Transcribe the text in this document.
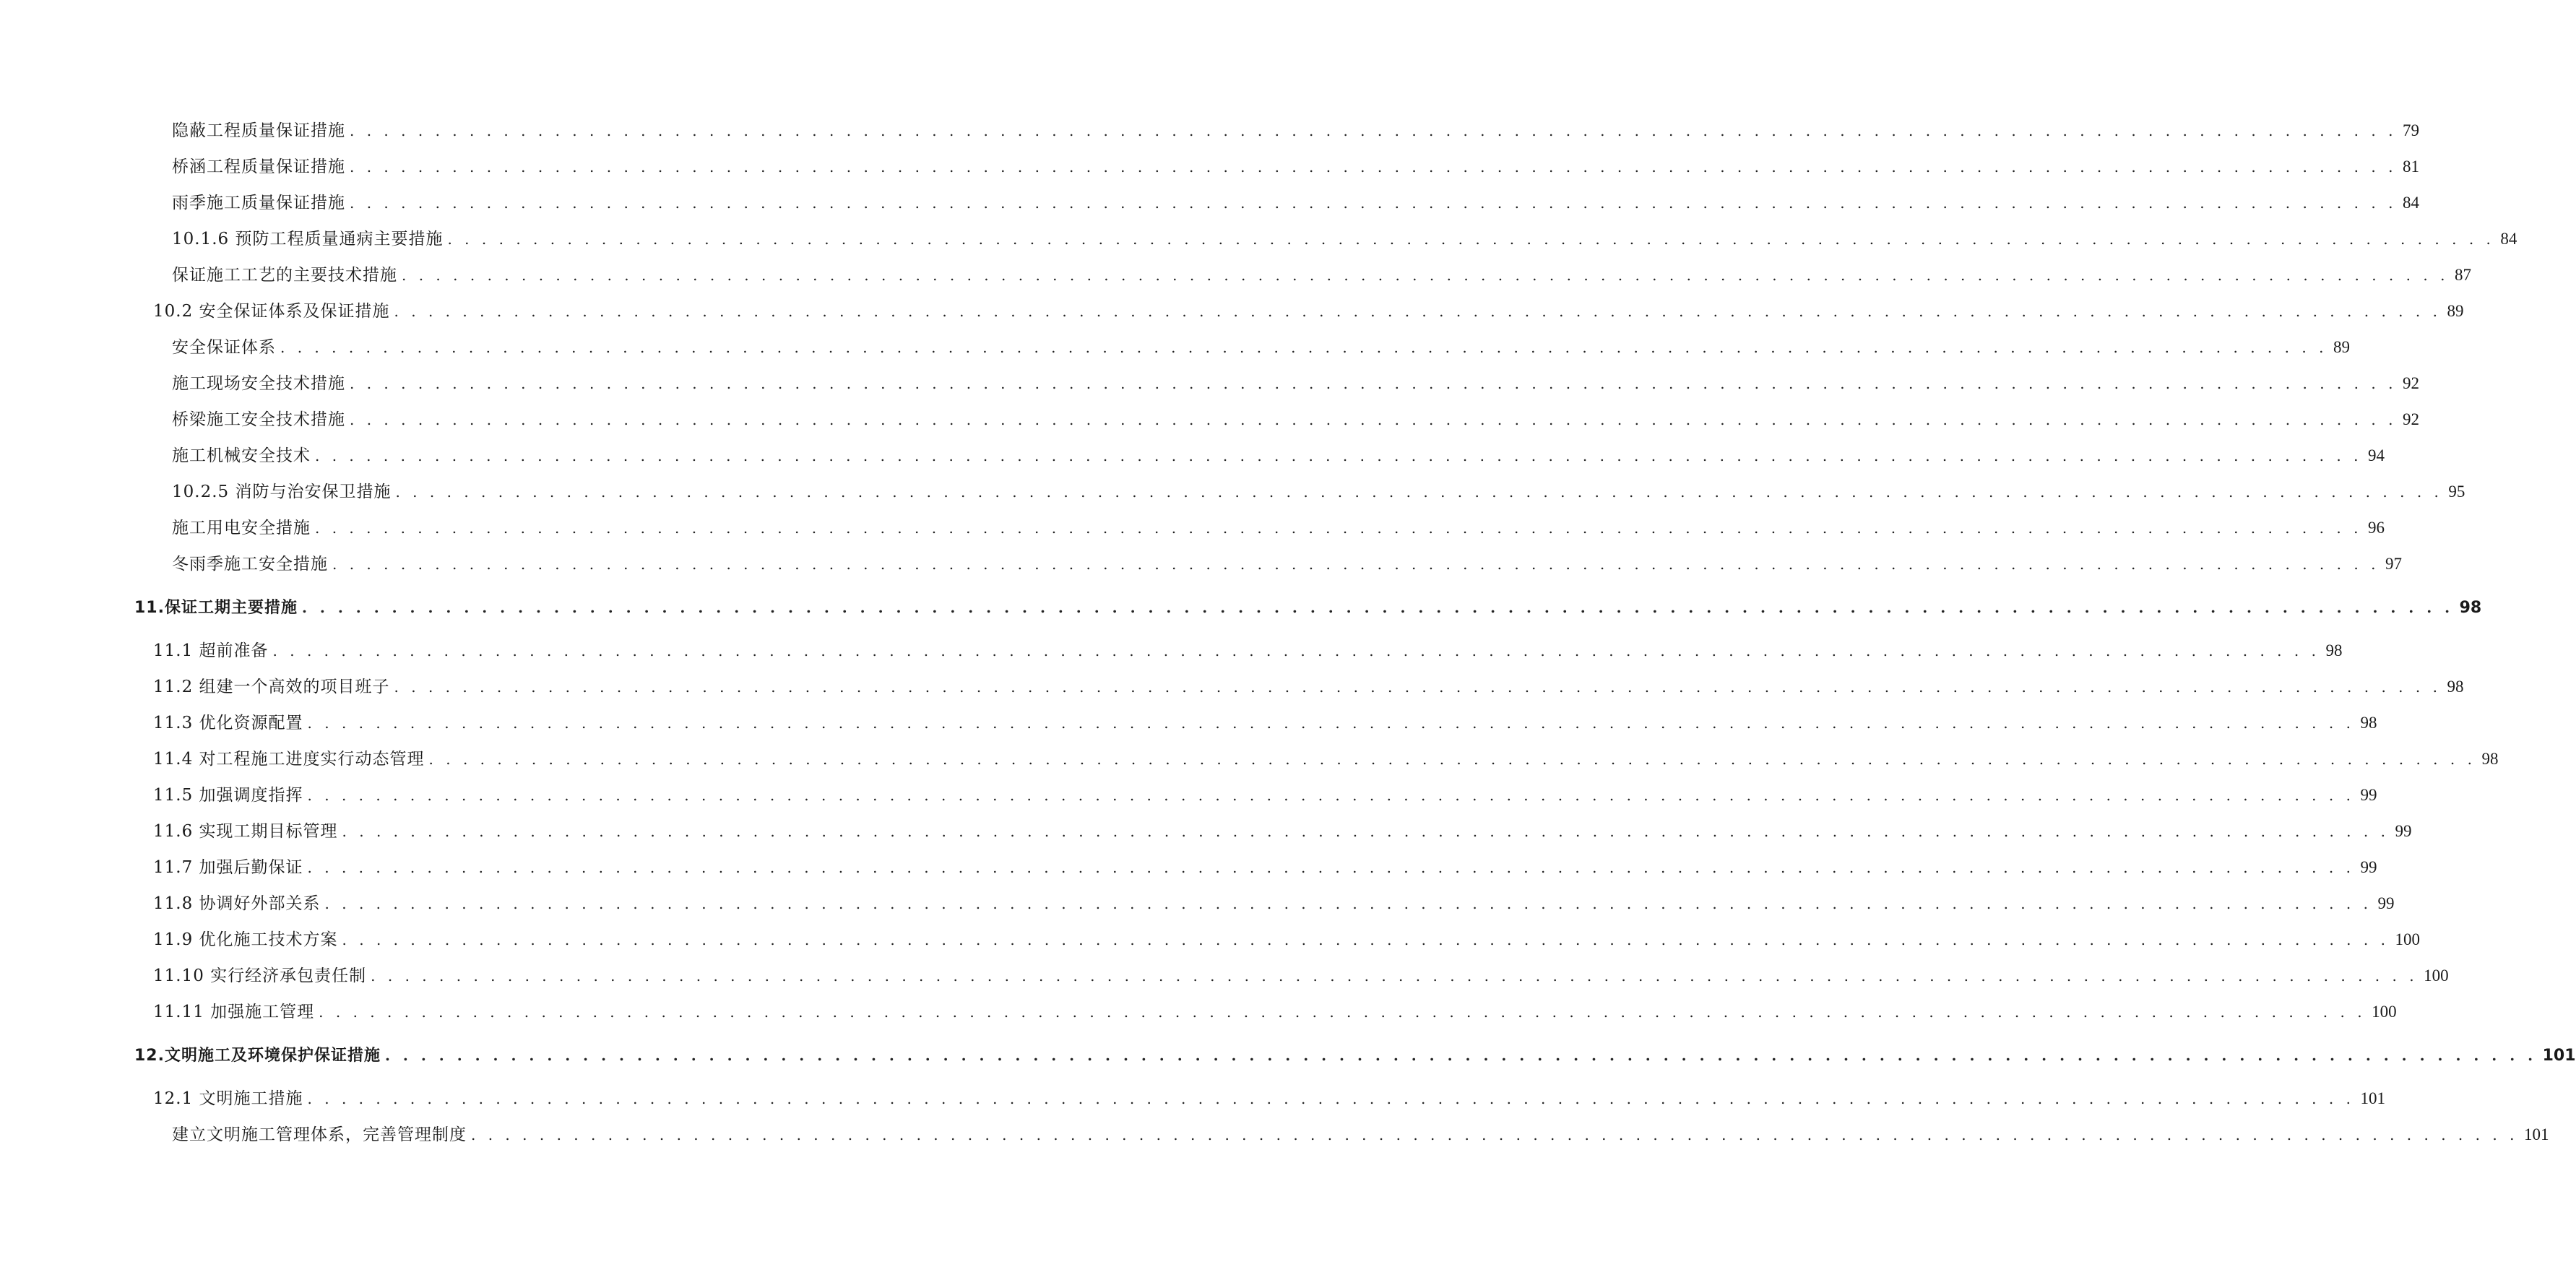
隐蔽工程质量保证措施 . . . . . . . . . . . . . . . . . . . . . . . . . . . . . . . . . . . . . . . . . . . . . . . . . . . . . . . . . . . . . . . . . . . . . . . . . . . . . . . . . . . . . . . . . . . . . . . . . . . . . . . . . . . . . . . . . . . . . . . . 79
桥涵工程质量保证措施 . . . . . . . . . . . . . . . . . . . . . . . . . . . . . . . . . . . . . . . . . . . . . . . . . . . . . . . . . . . . . . . . . . . . . . . . . . . . . . . . . . . . . . . . . . . . . . . . . . . . . . . . . . . . . . . . . . . . . . . . 81
雨季施工质量保证措施 . . . . . . . . . . . . . . . . . . . . . . . . . . . . . . . . . . . . . . . . . . . . . . . . . . . . . . . . . . . . . . . . . . . . . . . . . . . . . . . . . . . . . . . . . . . . . . . . . . . . . . . . . . . . . . . . . . . . . . . . 84
10.1.6 预防工程质量通病主要措施 . . . . . . . . . . . . . . . . . . . . . . . . . . . . . . . . . . . . . . . . . . . . . . . . . . . . . . . . . . . . . . . . . . . . . . . . . . . . . . . . . . . . . . . . . . . . . . . . . . . . . . . . . . . . . . . . . . . . . . . . 84
保证施工工艺的主要技术措施 . . . . . . . . . . . . . . . . . . . . . . . . . . . . . . . . . . . . . . . . . . . . . . . . . . . . . . . . . . . . . . . . . . . . . . . . . . . . . . . . . . . . . . . . . . . . . . . . . . . . . . . . . . . . . . . . . . . . . . . . 87
10.2 安全保证体系及保证措施 . . . . . . . . . . . . . . . . . . . . . . . . . . . . . . . . . . . . . . . . . . . . . . . . . . . . . . . . . . . . . . . . . . . . . . . . . . . . . . . . . . . . . . . . . . . . . . . . . . . . . . . . . . . . . . . . . . . . . . . . 89
安全保证体系 . . . . . . . . . . . . . . . . . . . . . . . . . . . . . . . . . . . . . . . . . . . . . . . . . . . . . . . . . . . . . . . . . . . . . . . . . . . . . . . . . . . . . . . . . . . . . . . . . . . . . . . . . . . . . . . . . . . . . . . . 89
施工现场安全技术措施 . . . . . . . . . . . . . . . . . . . . . . . . . . . . . . . . . . . . . . . . . . . . . . . . . . . . . . . . . . . . . . . . . . . . . . . . . . . . . . . . . . . . . . . . . . . . . . . . . . . . . . . . . . . . . . . . . . . . . . . . 92
桥梁施工安全技术措施 . . . . . . . . . . . . . . . . . . . . . . . . . . . . . . . . . . . . . . . . . . . . . . . . . . . . . . . . . . . . . . . . . . . . . . . . . . . . . . . . . . . . . . . . . . . . . . . . . . . . . . . . . . . . . . . . . . . . . . . . 92
施工机械安全技术 . . . . . . . . . . . . . . . . . . . . . . . . . . . . . . . . . . . . . . . . . . . . . . . . . . . . . . . . . . . . . . . . . . . . . . . . . . . . . . . . . . . . . . . . . . . . . . . . . . . . . . . . . . . . . . . . . . . . . . . . 94
10.2.5 消防与治安保卫措施 . . . . . . . . . . . . . . . . . . . . . . . . . . . . . . . . . . . . . . . . . . . . . . . . . . . . . . . . . . . . . . . . . . . . . . . . . . . . . . . . . . . . . . . . . . . . . . . . . . . . . . . . . . . . . . . . . . . . . . . . 95
施工用电安全措施 . . . . . . . . . . . . . . . . . . . . . . . . . . . . . . . . . . . . . . . . . . . . . . . . . . . . . . . . . . . . . . . . . . . . . . . . . . . . . . . . . . . . . . . . . . . . . . . . . . . . . . . . . . . . . . . . . . . . . . . . 96
冬雨季施工安全措施 . . . . . . . . . . . . . . . . . . . . . . . . . . . . . . . . . . . . . . . . . . . . . . . . . . . . . . . . . . . . . . . . . . . . . . . . . . . . . . . . . . . . . . . . . . . . . . . . . . . . . . . . . . . . . . . . . . . . . . . . 97
11.保证工期主要措施 . . . . . . . . . . . . . . . . . . . . . . . . . . . . . . . . . . . . . . . . . . . . . . . . . . . . . . . . . . . . . . . . . . . . . . . . . . . . . . . . . . . . . . . . . . . . . . . . . . . . . . . . . . . . . . . . . . . . . . . . 98
11.1 超前准备 . . . . . . . . . . . . . . . . . . . . . . . . . . . . . . . . . . . . . . . . . . . . . . . . . . . . . . . . . . . . . . . . . . . . . . . . . . . . . . . . . . . . . . . . . . . . . . . . . . . . . . . . . . . . . . . . . . . . . . . . 98
11.2 组建一个高效的项目班子 . . . . . . . . . . . . . . . . . . . . . . . . . . . . . . . . . . . . . . . . . . . . . . . . . . . . . . . . . . . . . . . . . . . . . . . . . . . . . . . . . . . . . . . . . . . . . . . . . . . . . . . . . . . . . . . . . . . . . . . . 98
11.3 优化资源配置 . . . . . . . . . . . . . . . . . . . . . . . . . . . . . . . . . . . . . . . . . . . . . . . . . . . . . . . . . . . . . . . . . . . . . . . . . . . . . . . . . . . . . . . . . . . . . . . . . . . . . . . . . . . . . . . . . . . . . . . . 98
11.4 对工程施工进度实行动态管理 . . . . . . . . . . . . . . . . . . . . . . . . . . . . . . . . . . . . . . . . . . . . . . . . . . . . . . . . . . . . . . . . . . . . . . . . . . . . . . . . . . . . . . . . . . . . . . . . . . . . . . . . . . . . . . . . . . . . . . . . 98
11.5 加强调度指挥 . . . . . . . . . . . . . . . . . . . . . . . . . . . . . . . . . . . . . . . . . . . . . . . . . . . . . . . . . . . . . . . . . . . . . . . . . . . . . . . . . . . . . . . . . . . . . . . . . . . . . . . . . . . . . . . . . . . . . . . . 99
11.6 实现工期目标管理 . . . . . . . . . . . . . . . . . . . . . . . . . . . . . . . . . . . . . . . . . . . . . . . . . . . . . . . . . . . . . . . . . . . . . . . . . . . . . . . . . . . . . . . . . . . . . . . . . . . . . . . . . . . . . . . . . . . . . . . . 99
11.7 加强后勤保证 . . . . . . . . . . . . . . . . . . . . . . . . . . . . . . . . . . . . . . . . . . . . . . . . . . . . . . . . . . . . . . . . . . . . . . . . . . . . . . . . . . . . . . . . . . . . . . . . . . . . . . . . . . . . . . . . . . . . . . . . 99
11.8 协调好外部关系 . . . . . . . . . . . . . . . . . . . . . . . . . . . . . . . . . . . . . . . . . . . . . . . . . . . . . . . . . . . . . . . . . . . . . . . . . . . . . . . . . . . . . . . . . . . . . . . . . . . . . . . . . . . . . . . . . . . . . . . . 99
11.9 优化施工技术方案 . . . . . . . . . . . . . . . . . . . . . . . . . . . . . . . . . . . . . . . . . . . . . . . . . . . . . . . . . . . . . . . . . . . . . . . . . . . . . . . . . . . . . . . . . . . . . . . . . . . . . . . . . . . . . . . . . . . . . . . . 100
11.10 实行经济承包责任制 . . . . . . . . . . . . . . . . . . . . . . . . . . . . . . . . . . . . . . . . . . . . . . . . . . . . . . . . . . . . . . . . . . . . . . . . . . . . . . . . . . . . . . . . . . . . . . . . . . . . . . . . . . . . . . . . . . . . . . . . 100
11.11 加强施工管理 . . . . . . . . . . . . . . . . . . . . . . . . . . . . . . . . . . . . . . . . . . . . . . . . . . . . . . . . . . . . . . . . . . . . . . . . . . . . . . . . . . . . . . . . . . . . . . . . . . . . . . . . . . . . . . . . . . . . . . . . 100
12.文明施工及环境保护保证措施 . . . . . . . . . . . . . . . . . . . . . . . . . . . . . . . . . . . . . . . . . . . . . . . . . . . . . . . . . . . . . . . . . . . . . . . . . . . . . . . . . . . . . . . . . . . . . . . . . . . . . . . . . . . . . . . . . . . . . . . . 101
12.1 文明施工措施 . . . . . . . . . . . . . . . . . . . . . . . . . . . . . . . . . . . . . . . . . . . . . . . . . . . . . . . . . . . . . . . . . . . . . . . . . . . . . . . . . . . . . . . . . . . . . . . . . . . . . . . . . . . . . . . . . . . . . . . . 101
建立文明施工管理体系，完善管理制度 . . . . . . . . . . . . . . . . . . . . . . . . . . . . . . . . . . . . . . . . . . . . . . . . . . . . . . . . . . . . . . . . . . . . . . . . . . . . . . . . . . . . . . . . . . . . . . . . . . . . . . . . . . . . . . . . . . . . . . . . 101
